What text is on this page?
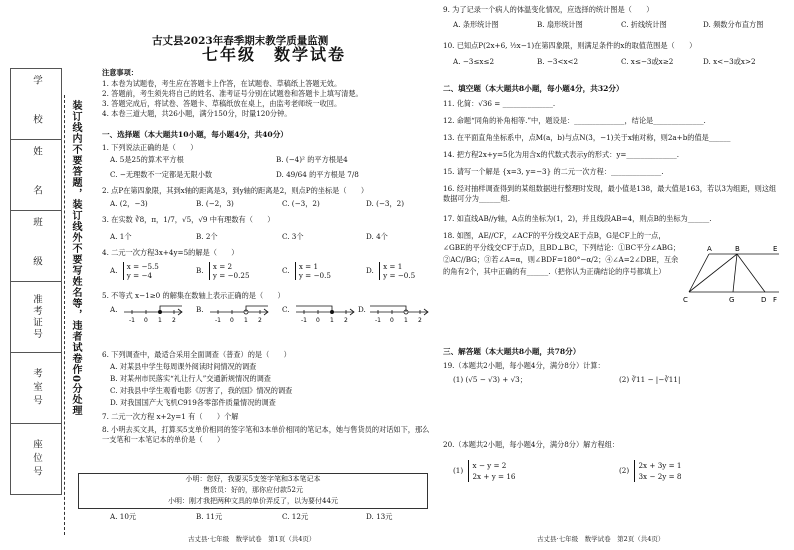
学　校
姓　名
班　级
准考证号
考室号
座位号
装订线内不要答题，装订线外不要写姓名等，违者试卷作0分处理
古丈县2023年春季期末教学质量监测
七年级　数学试卷
注意事项：
1. 本卷为试题卷，考生应在答题卡上作答，在试题卷、草稿纸上答题无效。
2. 答题前，考生须先将自己的姓名、准考证号分别在试题卷和答题卡上填写清楚。
3. 答题完成后，将试卷、答题卡、草稿纸放在桌上，由监考老师统一收回。
4. 本卷三道大题，共26小题，满分150分，时量120分钟。
一、选择题（本大题共10小题，每小题4分，共40分）
1. 下列说法正确的是（　　）
A. 5是25的算术平方根	B. (−4)² 的平方根是4
C. −无理数不一定都是无限小数	D. 49/64 的平方根是 7/8
2. 点P在第四象限，其到x轴的距离是3，到y轴的距离是2，则点P的坐标是（　　）
A. (2，−3)	B. (−2，3)	C. (−3，2)	D. (−3，2)
3. 在实数 ∛8，π，1/7，√5，√9 中有理数有（　　）
A. 1个	B. 2个	C. 3个	D. 4个
4. 二元一次方程3x+4y=5的解是（　　）
A. x = −5.5
y = −4
B. x = 2
y = −0.25
C. x = 1
y = −0.5
D. x = 1
y = −0.5
5. 不等式 x−1≥0 的解集在数轴上表示正确的是（　　）
A.
-1 0 1 2
B.
-1 0 1 2
C.
-1 0 1 2
D.
-1 0 1 2
6. 下列调查中，最适合采用全面调查（普查）的是（　　）
A. 对某县中学生每周课外阅读时间情况的调查
B. 对某州市民落实“礼让行人”交通新规情况的调查
C. 对我县中学生观看电影《厉害了，我的国》情况的调查
D. 对我国国产大飞机C919各零部件质量情况的调查
7. 二元一次方程 x+2y=1 有（　　）个解
8. 小明去买文具，打算买5支单价相同的签字笔和3本单价相同的笔记本，她与售货员的对话如下，那么一支笔和一本笔记本的单价是（　　）
小明：您好，我要买5支签字笔和3本笔记本
售货员：好的，那你应付款52元
小明：刚才我把两种文具的单价弄反了，以为要付44元
A. 10元	B. 11元	C. 12元	D. 13元
古丈县·七年级　数学试卷　第1页（共4页）
9. 为了记录一个病人的体温变化情况，应选择的统计图是（　　）
A. 条形统计图	B. 扇形统计图	C. 折线统计图	D. 频数分布直方图
10. 已知点P(2x+6, ½x−1)在第四象限，则满足条件的x的取值范围是（　　）
A. −3≤x≤2	B. −3<x<2	C. x≤−3或x≥2	D. x<−3或x>2
二、填空题（本大题共8小题，每小题4分，共32分）
11. 化简：√36 = ______________.
12. 命题“同角的补角相等.”中，题设是：______________，结论是______________.
13. 在平面直角坐标系中，点M(a，b)与点N(3，−1)关于x轴对称，则2a+b的值是______
14. 把方程2x+y=5化为用含x的代数式表示y的形式：y=______________.
15. 请写一个解是 {x=3, y=−3} 的二元一次方程：______________.
16. 经对抽样调查得到的某组数据进行整理时发现，最小值是138，最大值是163，若以3为组距，则这组数据可分为______组.
17. 如直线AB//y轴，A点的坐标为(1，2)，并且线段AB=4，则点B的坐标为______.
18. 如图，AE//CF，∠ACF的平分线交AE于点B，G是CF上的一点，∠GBE的平分线交CF于点D，且BD⊥BC，下列结论：①BC平分∠ABG；②AC//BG；③若∠A=α，则∠BDF=180°−α/2；④∠A=2∠DBE，互余的角有2个，其中正确的有______.（把你认为正确结论的序号都填上）
A	B	E
C	G	D F
三、解答题（本大题共8小题，共78分）
19.（本题共2小题，每小题4分，满分8分）计算：
(1) (√5 − √3) + √3；	(2) ∛11 − |−∛11|
20.（本题共2小题，每小题4分，满分8分）解方程组：
(1)
x − y = 2
2x + y = 16
(2)
2x + 3y = 1
3x − 2y = 8
古丈县·七年级　数学试卷　第2页（共4页）
